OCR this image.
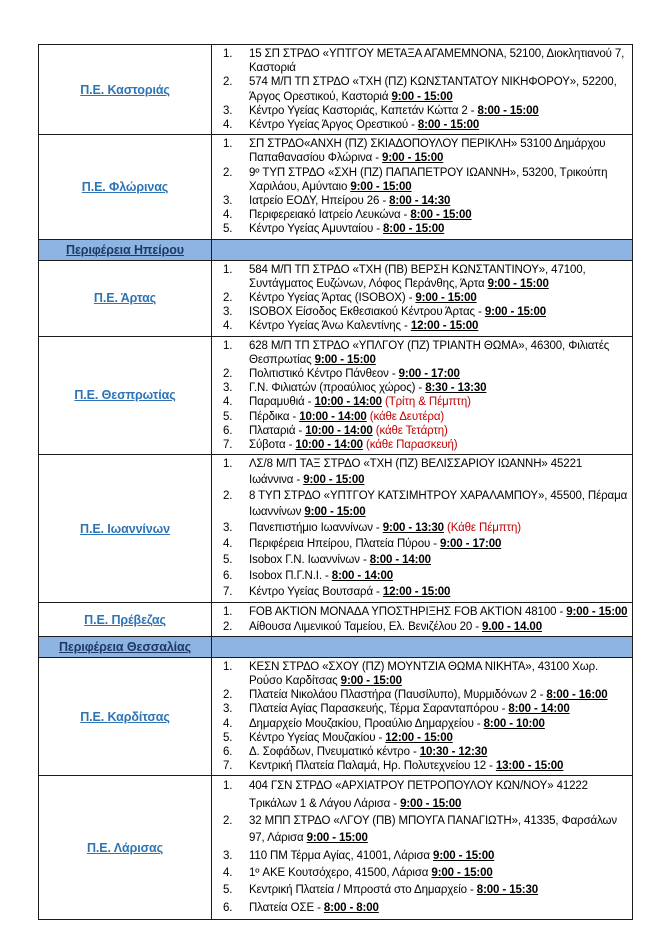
Π.Ε. Καστοριάς	
15 ΣΠ ΣΤΡΔΟ «ΥΠΤΓΟΥ ΜΕΤΑΞΑ ΑΓΑΜΕΜΝΟΝΑ, 52100, Διοκλητιανού 7, Καστοριά
574 Μ/Π ΤΠ ΣΤΡΔΟ «ΤΧΗ (ΠΖ) ΚΩΝΣΤΑΝΤΑΤΟΥ ΝΙΚΗΦΟΡΟΥ», 52200, Άργος Ορεστικού, Καστοριά 9:00 - 15:00
Κέντρο Υγείας Καστοριάς, Καπετάν Κώττα 2 - 8:00 - 15:00
Κέντρο Υγείας Άργος Ορεστικού - 8:00 - 15:00

Π.Ε. Φλώρινας	
ΣΠ ΣΤΡΔΟ«ΑΝΧΗ (ΠΖ) ΣΚΙΑΔΟΠΟΥΛΟΥ ΠΕΡΙΚΛΗ» 53100 Δημάρχου Παπαθανασίου Φλώρινα - 9:00 - 15:00
9º ΤΥΠ ΣΤΡΔΟ «ΣΧΗ (ΠΖ) ΠΑΠΑΠΕΤΡΟΥ ΙΩΑΝΝΗ», 53200, Τρικούπη Χαριλάου, Αμύνταιο 9:00 - 15:00
Ιατρείο ΕΟΔΥ, Ηπείρου 26 - 8:00 - 14:30
Περιφερειακό Ιατρείο Λευκώνα - 8:00 - 15:00
Κέντρο Υγείας Αμυνταίου - 8:00 - 15:00

Περιφέρεια Ηπείρου	
Π.Ε. Άρτας	
584 Μ/Π ΤΠ ΣΤΡΔΟ «ΤΧΗ (ΠΒ) ΒΕΡΣΗ ΚΩΝΣΤΑΝΤΙΝΟΥ», 47100, Συντάγματος Ευζώνων, Λόφος Περάνθης, Άρτα 9:00 - 15:00
Κέντρο Υγείας Άρτας (ISOBOX) - 9:00 - 15:00
ISOBOX Είσοδος Εκθεσιακού Κέντρου Άρτας - 9:00 - 15:00
Κέντρο Υγείας Άνω Καλεντίνης - 12:00 - 15:00

Π.Ε. Θεσπρωτίας	
628 Μ/Π ΤΠ ΣΤΡΔΟ «ΥΠΛΓΟΥ (ΠΖ) ΤΡΙΑΝΤΗ ΘΩΜΑ», 46300, Φιλιατές Θεσπρωτίας 9:00 - 15:00
Πολιτιστικό Κέντρο Πάνθεον - 9:00 - 17:00
Γ.Ν. Φιλιατών (προαύλιος χώρος) - 8:30 - 13:30
Παραμυθιά - 10:00 - 14:00 (Τρίτη & Πέμπτη)
Πέρδικα - 10:00 - 14:00 (κάθε Δευτέρα)
Πλαταριά - 10:00 - 14:00 (κάθε Τετάρτη)
Σύβοτα - 10:00 - 14:00 (κάθε Παρασκευή)

Π.Ε. Ιωαννίνων	
ΛΣ/8 Μ/Π ΤΑΞ ΣΤΡΔΟ «ΤΧΗ (ΠΖ) ΒΕΛΙΣΣΑΡΙΟΥ ΙΩΑΝΝΗ» 45221 Ιωάννινα - 9:00 - 15:00
8 ΤΥΠ ΣΤΡΔΟ «ΥΠΤΓΟΥ ΚΑΤΣΙΜΗΤΡΟΥ ΧΑΡΑΛΑΜΠΟΥ», 45500, Πέραμα Ιωαννίνων 9:00 - 15:00
Πανεπιστήμιο Ιωαννίνων - 9:00 - 13:30 (Κάθε Πέμπτη)
Περιφέρεια Ηπείρου, Πλατεία Πύρου - 9:00 - 17:00
Isobox Γ.Ν. Ιωαννίνων - 8:00 - 14:00
Isobox Π.Γ.Ν.Ι. - 8:00 - 14:00
Κέντρο Υγείας Βουτσαρά - 12:00 - 15:00

Π.Ε. Πρέβεζας	
FOB AKTION ΜΟΝΑΔΑ ΥΠΟΣΤΗΡΙΞΗΣ FOB AKTION 48100 - 9:00 - 15:00
Αίθουσα Λιμενικού Ταμείου, Ελ. Βενιζέλου 20 - 9.00 - 14.00

Περιφέρεια Θεσσαλίας	
Π.Ε. Καρδίτσας	
ΚΕΣΝ ΣΤΡΔΟ «ΣΧΟΥ (ΠΖ) ΜΟΥΝΤΖΙΑ ΘΩΜΑ ΝΙΚΗΤΑ», 43100 Χωρ. Ρούσο Καρδίτσας 9:00 - 15:00
Πλατεία Νικολάου Πλαστήρα (Παυσίλυπο), Μυρμιδόνων 2 - 8:00 - 16:00
Πλατεία Αγίας Παρασκευής, Τέρμα Σαρανταπόρου - 8:00 - 14:00
Δημαρχείο Μουζακίου, Προαύλιο Δημαρχείου - 8:00 - 10:00
Κέντρο Υγείας Μουζακίου - 12:00 - 15:00
Δ. Σοφάδων, Πνευματικό κέντρο - 10:30 - 12:30
Κεντρική Πλατεία Παλαμά, Ηρ. Πολυτεχνείου 12 - 13:00 - 15:00

Π.Ε. Λάρισας	
404 ΓΣΝ ΣΤΡΔΟ «ΑΡΧΙΑΤΡΟΥ ΠΕΤΡΟΠΟΥΛΟΥ ΚΩΝ/ΝΟΥ» 41222 Τρικάλων 1 & Λάγου Λάρισα - 9:00 - 15:00
32 ΜΠΠ ΣΤΡΔΟ «ΛΓΟΥ (ΠΒ) ΜΠΟΥΓΑ ΠΑΝΑΓΙΩΤΗ», 41335, Φαρσάλων 97, Λάρισα 9:00 - 15:00
110 ΠΜ Τέρμα Αγίας, 41001, Λάρισα 9:00 - 15:00
1º ΑΚΕ Κουτσόχερο, 41500, Λάρισα 9:00 - 15:00
Κεντρική Πλατεία / Μπροστά στο Δημαρχείο - 8:00 - 15:30
Πλατεία ΟΣΕ - 8:00 - 8:00
